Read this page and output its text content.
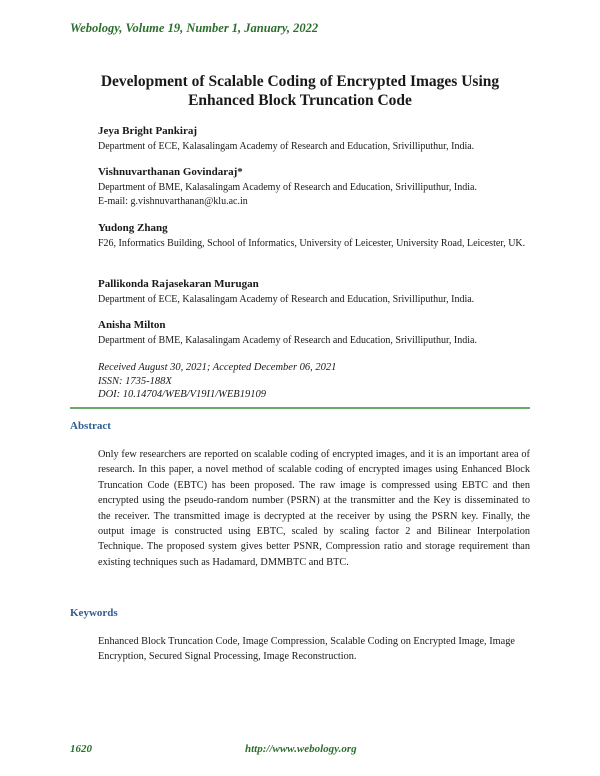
Webology, Volume 19, Number 1, January, 2022
Development of Scalable Coding of Encrypted Images Using
Enhanced Block Truncation Code
Jeya Bright Pankiraj
Department of ECE, Kalasalingam Academy of Research and Education, Srivilliputhur, India.
Vishnuvarthanan Govindaraj*
Department of BME, Kalasalingam Academy of Research and Education, Srivilliputhur, India.
E-mail: g.vishnuvarthanan@klu.ac.in
Yudong Zhang
F26, Informatics Building, School of Informatics, University of Leicester, University Road, Leicester, UK.
Pallikonda Rajasekaran Murugan
Department of ECE, Kalasalingam Academy of Research and Education, Srivilliputhur, India.
Anisha Milton
Department of BME, Kalasalingam Academy of Research and Education, Srivilliputhur, India.
Received August 30, 2021; Accepted December 06, 2021
ISSN: 1735-188X
DOI: 10.14704/WEB/V19I1/WEB19109
Abstract
Only few researchers are reported on scalable coding of encrypted images, and it is an important area of research. In this paper, a novel method of scalable coding of encrypted images using Enhanced Block Truncation Code (EBTC) has been proposed. The raw image is compressed using EBTC and then encrypted using the pseudo-random number (PSRN) at the transmitter and the Key is disseminated to the receiver. The transmitted image is decrypted at the receiver by using the PSRN key. Finally, the output image is constructed using EBTC, scaled by scaling factor 2 and Bilinear Interpolation Technique. The proposed system gives better PSNR, Compression ratio and storage requirement than existing techniques such as Hadamard, DMMBTC and BTC.
Keywords
Enhanced Block Truncation Code, Image Compression, Scalable Coding on Encrypted Image, Image Encryption, Secured Signal Processing, Image Reconstruction.
1620	http://www.webology.org
